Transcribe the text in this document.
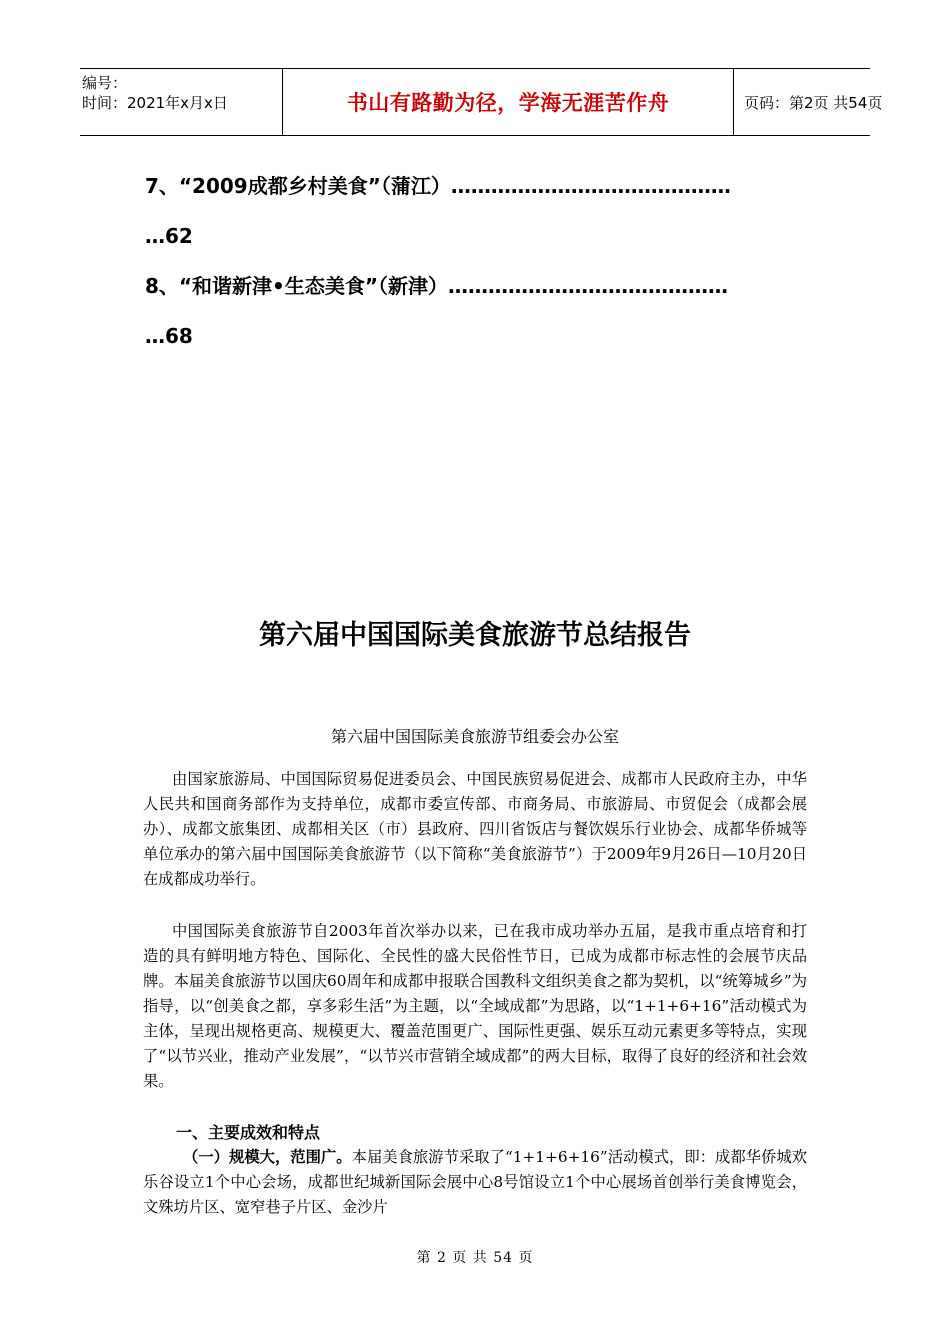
编号：
时间：2021年x月x日	书山有路勤为径，学海无涯苦作舟	页码：第2页 共54页
7、“2009成都乡村美食”（蒲江）……………………………………
…62
8、“和谐新津•生态美食”（新津）……………………………………
…68
第六届中国国际美食旅游节总结报告
第六届中国国际美食旅游节组委会办公室
由国家旅游局、中国国际贸易促进委员会、中国民族贸易促进会、成都市人民政府主办，中华人民共和国商务部作为支持单位，成都市委宣传部、市商务局、市旅游局、市贸促会（成都会展办）、成都文旅集团、成都相关区（市）县政府、四川省饭店与餐饮娱乐行业协会、成都华侨城等单位承办的第六届中国国际美食旅游节（以下简称“美食旅游节”）于2009年9月26日—10月20日在成都成功举行。
中国国际美食旅游节自2003年首次举办以来，已在我市成功举办五届，是我市重点培育和打造的具有鲜明地方特色、国际化、全民性的盛大民俗性节日，已成为成都市标志性的会展节庆品牌。本届美食旅游节以国庆60周年和成都申报联合国教科文组织美食之都为契机，以“统筹城乡”为指导，以“创美食之都，享多彩生活”为主题，以“全域成都”为思路，以“1+1+6+16”活动模式为主体，呈现出规格更高、规模更大、覆盖范围更广、国际性更强、娱乐互动元素更多等特点，实现了“以节兴业，推动产业发展”，“以节兴市营销全域成都”的两大目标，取得了良好的经济和社会效果。
一、主要成效和特点
（一）规模大，范围广。本届美食旅游节采取了“1+1+6+16”活动模式，即：成都华侨城欢乐谷设立1个中心会场，成都世纪城新国际会展中心8号馆设立1个中心展场首创举行美食博览会，文殊坊片区、宽窄巷子片区、金沙片
第 2 页 共 54 页
